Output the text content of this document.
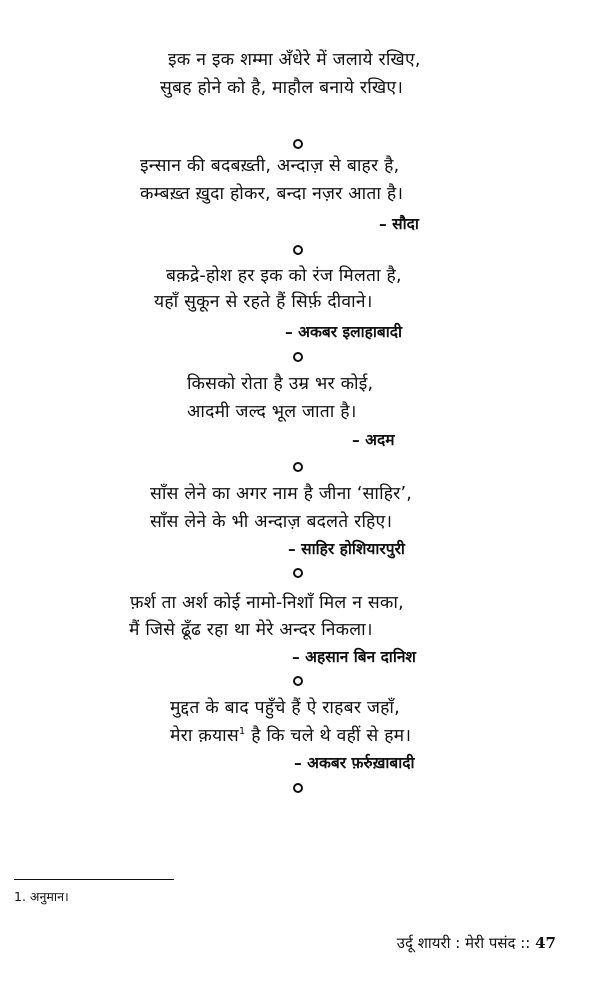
इक न इक शम्मा अँधेरे में जलाये रखिए,
सुबह होने को है, माहौल बनाये रखिए।
इन्सान की बदबख़्ती, अन्दाज़ से बाहर है,
कम्बख़्त ख़ुदा होकर, बन्दा नज़र आता है।
– सौदा
बक़द्रे-होश हर इक को रंज मिलता है,
यहाँ सुकून से रहते हैं सिर्फ़ दीवाने।
– अकबर इलाहाबादी
किसको रोता है उम्र भर कोई,
आदमी जल्द भूल जाता है।
– अदम
साँस लेने का अगर नाम है जीना ‘साहिर’,
साँस लेने के भी अन्दाज़ बदलते रहिए।
– साहिर होशियारपुरी
फ़र्श ता अर्श कोई नामो-निशाँ मिल न सका,
मैं जिसे ढूँढ रहा था मेरे अन्दर निकला।
– अहसान बिन दानिश
मुद्दत के बाद पहुँचे हैं ऐ राहबर जहाँ,
मेरा क़यास$^1$ है कि चले थे वहीं से हम।
– अकबर फ़र्रुख़ाबादी
1. अनुमान।
उर्दू शायरी : मेरी पसंद :: 47
